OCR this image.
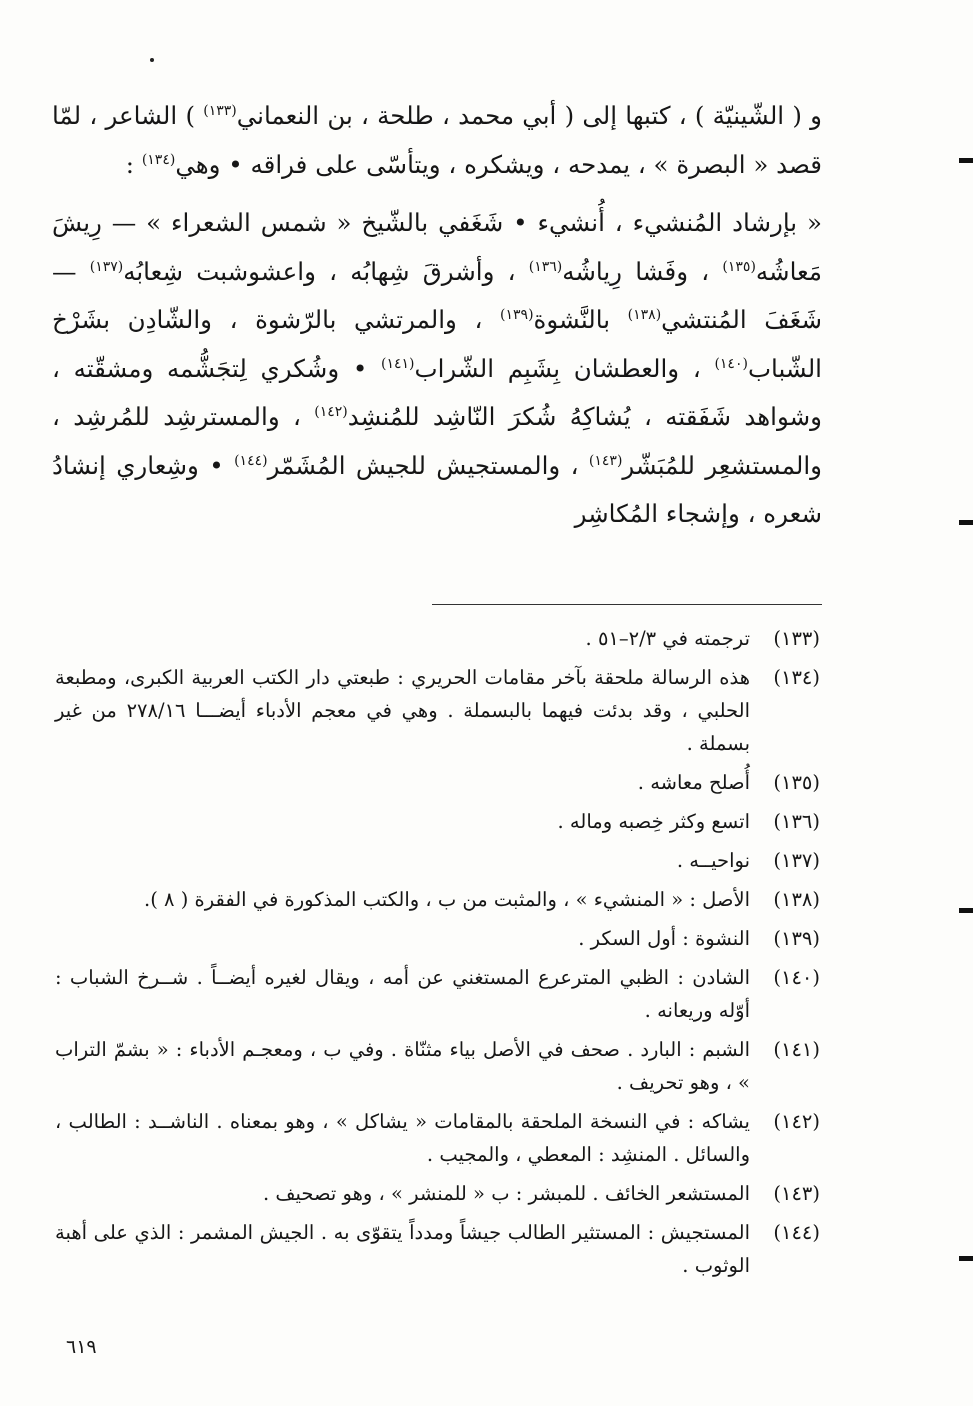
و ( الشّينيّة ) ، كتبها إلى ( أبي محمد ، طلحة ، بن النعماني$^{(١٣٣)}$ ) الشاعر ، لمّا قصد « البصرة » ، يمدحه ، ويشكره ، ويتأسّى على فراقه • وهي$^{(١٣٤)}$ :

« بإرشاد المُنشيء ، أُنشيء • شَغَفي بالشّيخ « شمس الشعراء » — رِيشَ مَعاشُه$^{(١٣٥)}$ ، وفَشا رِياشُه$^{(١٣٦)}$ ، وأشرقَ شِهابُه ، واعشوشبت شِعابُه$^{(١٣٧)}$ — شَغَفَ المُنتشي$^{(١٣٨)}$ بالنَّشوة$^{(١٣٩)}$ ، والمرتشي بالرّشوة ، والشّادِن بشَرْخ الشّباب$^{(١٤٠)}$ ، والعطشان بِشَبِم الشّراب$^{(١٤١)}$ • وشُكري لِتجَشُّمه ومشقّته ، وشواهد شَفَقته ، يُشاكِهُ شُكرَ النّاشِد للمُنشِد$^{(١٤٢)}$ ، والمسترشِد للمُرشِد ، والمستشعِر للمُبَشّر$^{(١٤٣)}$ ، والمستجيش للجيش المُشَمّر$^{(١٤٤)}$ • وشِعاري إنشادُ شعره ، وإشجاء المُكاشِر

(١٣٣)
ترجمته في ٢/٣–٥١ .
(١٣٤)
هذه الرسالة ملحقة بآخر مقامات الحريري : طبعتي دار الكتب العربية الكبرى، ومطبعة الحلبي ، وقد بدئت فيهما بالبسملة . وهي في معجم الأدباء أيضـــا ٢٧٨/١٦ من غير بسملة .
(١٣٥)
أُصلح معاشه .
(١٣٦)
اتسع وكثر خِصبه وماله .
(١٣٧)
نواحيــه .
(١٣٨)
الأصل : « المنشيء » ، والمثبت من ب ، والكتب المذكورة في الفقرة ( ٨ ).
(١٣٩)
النشوة : أول السكر .
(١٤٠)
الشادن : الظبي المترعرع المستغني عن أمه ، ويقال لغيره أيضــاً . شــرخ الشباب : أوّله وريعانه .
(١٤١)
الشبم : البارد . صحف في الأصل بياء مثنّاة . وفي ب ، ومعجـم الأدباء : « بشمّ التراب » ، وهو تحريف .
(١٤٢)
يشاكه : في النسخة الملحقة بالمقامات « يشاكل » ، وهو بمعناه . الناشــد : الطالب ، والسائل . المنشِد : المعطي ، والمجيب .
(١٤٣)
المستشعر الخائف . للمبشر : ب « للمنشر » ، وهو تصحيف .
(١٤٤)
المستجيش : المستثير الطالب جيشاً ومدداً يتقوّى به . الجيش المشمر : الذي على أهبة الوثوب .
٦١٩
